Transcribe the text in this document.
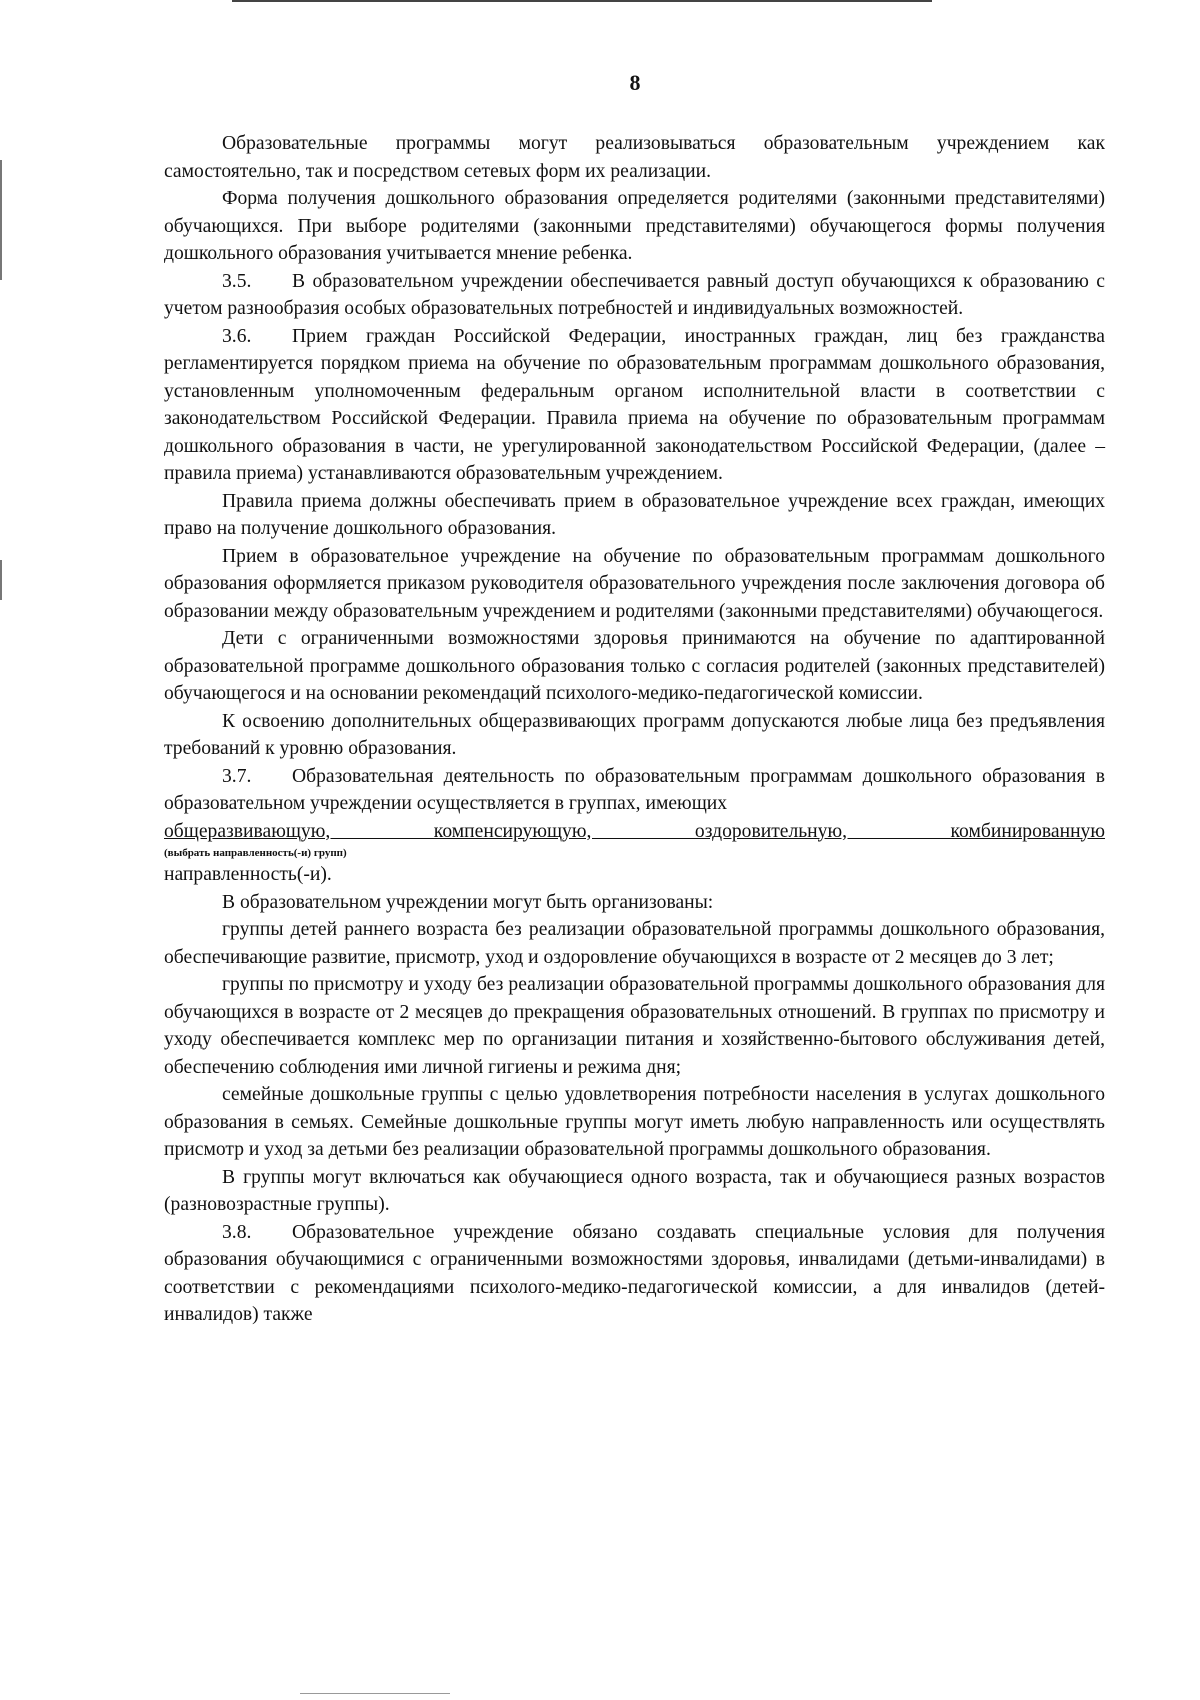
8

Образовательные программы могут реализовываться образовательным учреждением как самостоятельно, так и посредством сетевых форм их реализации.

Форма получения дошкольного образования определяется родителями (законными представителями) обучающихся. При выборе родителями (законными представителями) обучающегося формы получения дошкольного образования учитывается мнение ребенка.

3.5. В образовательном учреждении обеспечивается равный доступ обучающихся к образованию с учетом разнообразия особых образовательных потребностей и индивидуальных возможностей.

3.6. Прием граждан Российской Федерации, иностранных граждан, лиц без гражданства регламентируется порядком приема на обучение по образовательным программам дошкольного образования, установленным уполномоченным федеральным органом исполнительной власти в соответствии с законодательством Российской Федерации. Правила приема на обучение по образовательным программам дошкольного образования в части, не урегулированной законодательством Российской Федерации, (далее – правила приема) устанавливаются образовательным учреждением.

Правила приема должны обеспечивать прием в образовательное учреждение всех граждан, имеющих право на получение дошкольного образования.

Прием в образовательное учреждение на обучение по образовательным программам дошкольного образования оформляется приказом руководителя образовательного учреждения после заключения договора об образовании между образовательным учреждением и родителями (законными представителями) обучающегося.

Дети с ограниченными возможностями здоровья принимаются на обучение по адаптированной образовательной программе дошкольного образования только с согласия родителей (законных представителей) обучающегося и на основании рекомендаций психолого-медико-педагогической комиссии.

К освоению дополнительных общеразвивающих программ допускаются любые лица без предъявления требований к уровню образования.

3.7. Образовательная деятельность по образовательным программам дошкольного образования в образовательном учреждении осуществляется в группах, имеющих

общеразвивающую, компенсирующую, оздоровительную, комбинированную

(выбрать направленность(-и) групп)

направленность(-и).

В образовательном учреждении могут быть организованы:

группы детей раннего возраста без реализации образовательной программы дошкольного образования, обеспечивающие развитие, присмотр, уход и оздоровление обучающихся в возрасте от 2 месяцев до 3 лет;

группы по присмотру и уходу без реализации образовательной программы дошкольного образования для обучающихся в возрасте от 2 месяцев до прекращения образовательных отношений. В группах по присмотру и уходу обеспечивается комплекс мер по организации питания и хозяйственно-бытового обслуживания детей, обеспечению соблюдения ими личной гигиены и режима дня;

семейные дошкольные группы с целью удовлетворения потребности населения в услугах дошкольного образования в семьях. Семейные дошкольные группы могут иметь любую направленность или осуществлять присмотр и уход за детьми без реализации образовательной программы дошкольного образования.

В группы могут включаться как обучающиеся одного возраста, так и обучающиеся разных возрастов (разновозрастные группы).

3.8. Образовательное учреждение обязано создавать специальные условия для получения образования обучающимися с ограниченными возможностями здоровья, инвалидами (детьми-инвалидами) в соответствии с рекомендациями психолого-медико-педагогической комиссии, а для инвалидов (детей-инвалидов) также
